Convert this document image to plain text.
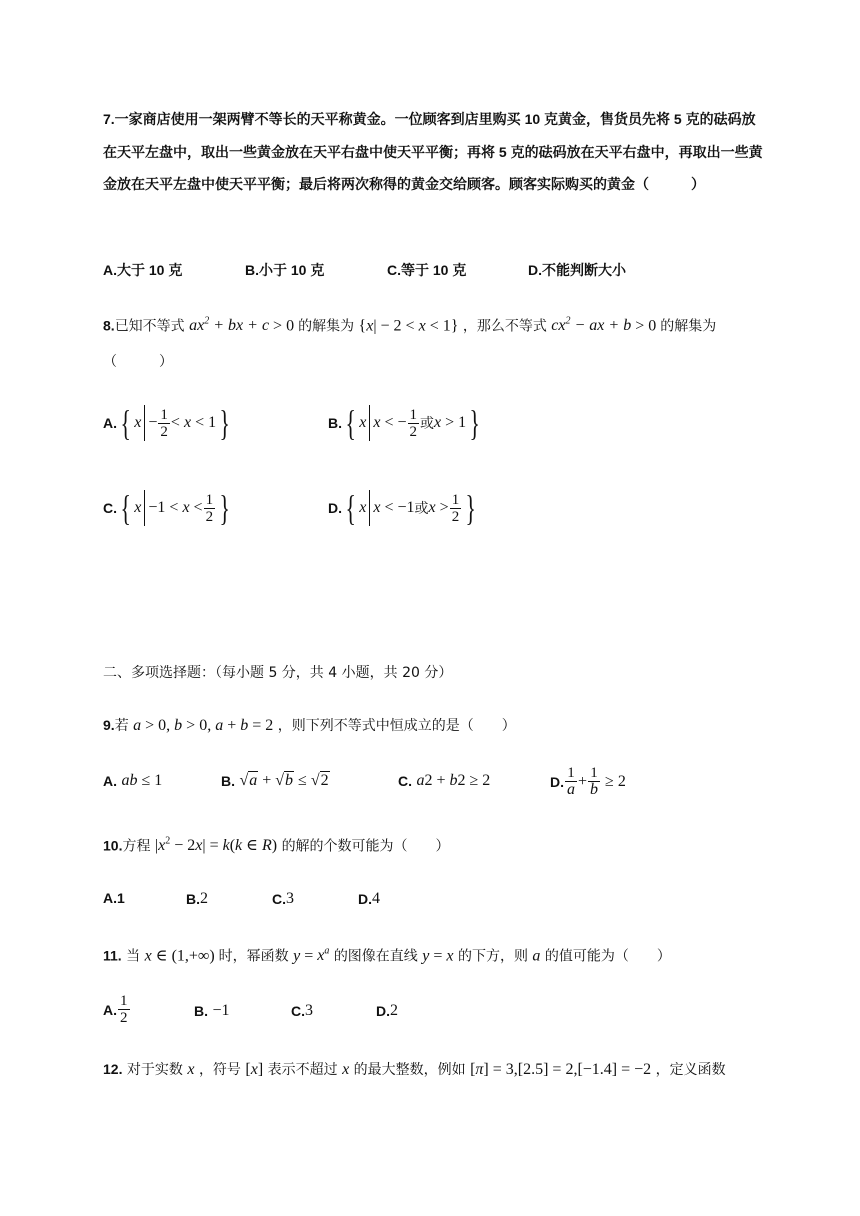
7.一家商店使用一架两臂不等长的天平称黄金。一位顾客到店里购买 10 克黄金，售货员先将 5 克的砝码放在天平左盘中，取出一些黄金放在天平右盘中使天平平衡；再将 5 克的砝码放在天平右盘中，再取出一些黄金放在天平左盘中使天平平衡；最后将两次称得的黄金交给顾客。顾客实际购买的黄金（　　　）
A.大于 10 克	B.小于 10 克	C.等于 10 克	D.不能判断大小
8.已知不等式 $ax^2$ + bx + c > 0 的解集为 {x| − 2 < x < 1} ，那么不等式 $cx^2$ − ax + b > 0 的解集为
（　　　）
A. { $x - \frac{1}{2} < x < 1$ }	B. { x x < − $\frac{1}{2}$ 或 x > 1 }
C. { $x -1 < x < \frac{1}{2}$ }	D. { x x < −1 或 $x > \frac{1}{2}$ }
二、多项选择题：（每小题 5 分，共 4 小题，共 20 分）
9.若 a > 0, b > 0, a + b = 2 ，则下列不等式中恒成立的是（　　）
A.
ab ≤ 1	B.
√a + √b ≤ √2	C.
a 2 + b 2 ≥ 2	D. $\frac{1}{a} + \frac{1}{b} \ge 2$
10.方程 $|x^2 - 2x| = k(k$ ∈ R) 的解的个数可能为（　　）
A. 1	B. 2	C. 3	D. 4
11. 当 x ∈ (1,+∞) 时，幂函数 $y = x^a$ 的图像在直线 y = x 的下方，则 a 的值可能为（　　）
A. $\frac{1}{2}$	B.
−1	C. 3	D. 2
12. 对于实数 x ，符号 [x] 表示不超过 x 的最大整数，例如 [π] = 3,[2.5] = 2,[−1.4] = −2 ，定义函数
